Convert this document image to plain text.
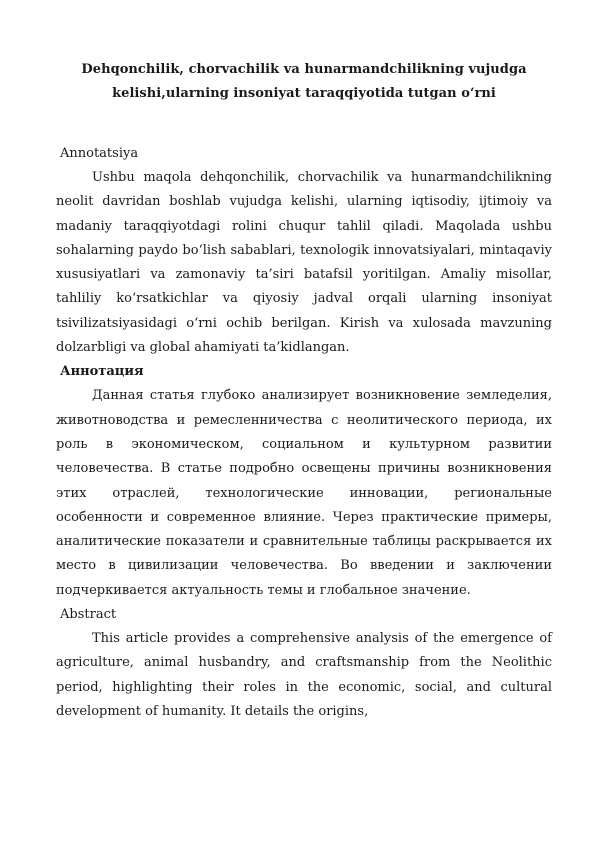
Dehqonchilik, chorvachilik va hunarmandchilikning vujudga kelishi,ularning insoniyat taraqqiyotida tutgan o‘rni
Annotatsiya

Ushbu maqola dehqonchilik, chorvachilik va hunarmandchilikning neolit davridan boshlab vujudga kelishi, ularning iqtisodiy, ijtimoiy va madaniy taraqqiyotdagi rolini chuqur tahlil qiladi. Maqolada ushbu sohalarning paydo bo‘lish sabablari, texnologik innovatsiyalari, mintaqaviy xususiyatlari va zamonaviy ta’siri batafsil yoritilgan. Amaliy misollar, tahliliy ko‘rsatkichlar va qiyosiy jadval orqali ularning insoniyat tsivilizatsiyasidagi o‘rni ochib berilgan. Kirish va xulosada mavzuning dolzarbligi va global ahamiyati ta’kidlangan.

Аннотация

Данная статья глубоко анализирует возникновение земледелия, животноводства и ремесленничества с неолитического периода, их роль в экономическом, социальном и культурном развитии человечества. В статье подробно освещены причины возникновения этих отраслей, технологические инновации, региональные особенности и современное влияние. Через практические примеры, аналитические показатели и сравнительные таблицы раскрывается их место в цивилизации человечества. Во введении и заключении подчеркивается актуальность темы и глобальное значение.

Abstract

This article provides a comprehensive analysis of the emergence of agriculture, animal husbandry, and craftsmanship from the Neolithic period, highlighting their roles in the economic, social, and cultural development of humanity. It details the origins,
